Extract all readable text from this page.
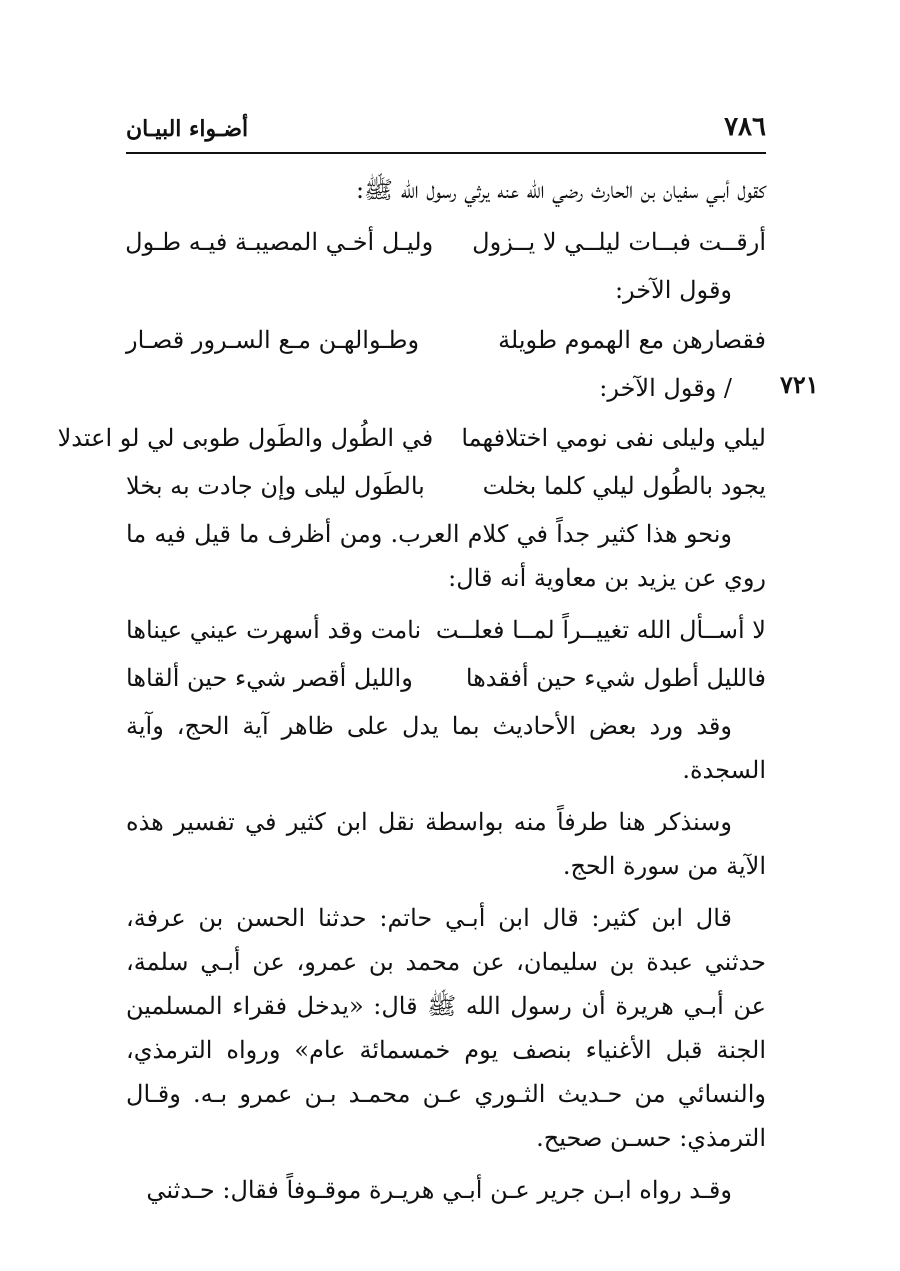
٧٨٦
أضـواء البيـان
٧٢١

كقول أبـي سفيان بن الحارث رضي الله عنه يرثي رسول الله ﷺ:

أرقــت فبــات ليلــي لا يــزول
وليـل أخـي المصيبـة فيـه طـول

وقول الآخر:

فقصارهن مع الهموم طويلة
وطـوالهـن مـع السـرور قصـار

/ وقول الآخر:

ليلي وليلى نفى نومي اختلافهما
في الطُول والطَول طوبى لي لو اعتدلا
يجود بالطُول ليلي كلما بخلت
بالطَول ليلى وإن جادت به بخلا

ونحو هذا كثير جداً في كلام العرب. ومن أظرف ما قيل فيه ما روي عن يزيد بن معاوية أنه قال:

لا أســأل الله تغييــراً لمــا فعلــت
نامت وقد أسهرت عيني عيناها
فالليل أطول شيء حين أفقدها
والليل أقصر شيء حين ألقاها

وقد ورد بعض الأحاديث بما يدل على ظاهر آية الحج، وآية السجدة.

وسنذكر هنا طرفاً منه بواسطة نقل ابن كثير في تفسير هذه الآية من سورة الحج.

قال ابن كثير: قال ابن أبـي حاتم: حدثنا الحسن بن عرفة، حدثني عبدة بن سليمان، عن محمد بن عمرو، عن أبـي سلمة، عن أبـي هريرة أن رسول الله ﷺ قال: «يدخل فقراء المسلمين الجنة قبل الأغنياء بنصف يوم خمسمائة عام» ورواه الترمذي، والنسائي من حـديث الثـوري عـن محمـد بـن عمرو بـه. وقـال الترمذي: حسـن صحيح.

وقـد رواه ابـن جرير عـن أبـي هريـرة موقـوفاً فقال: حـدثني
